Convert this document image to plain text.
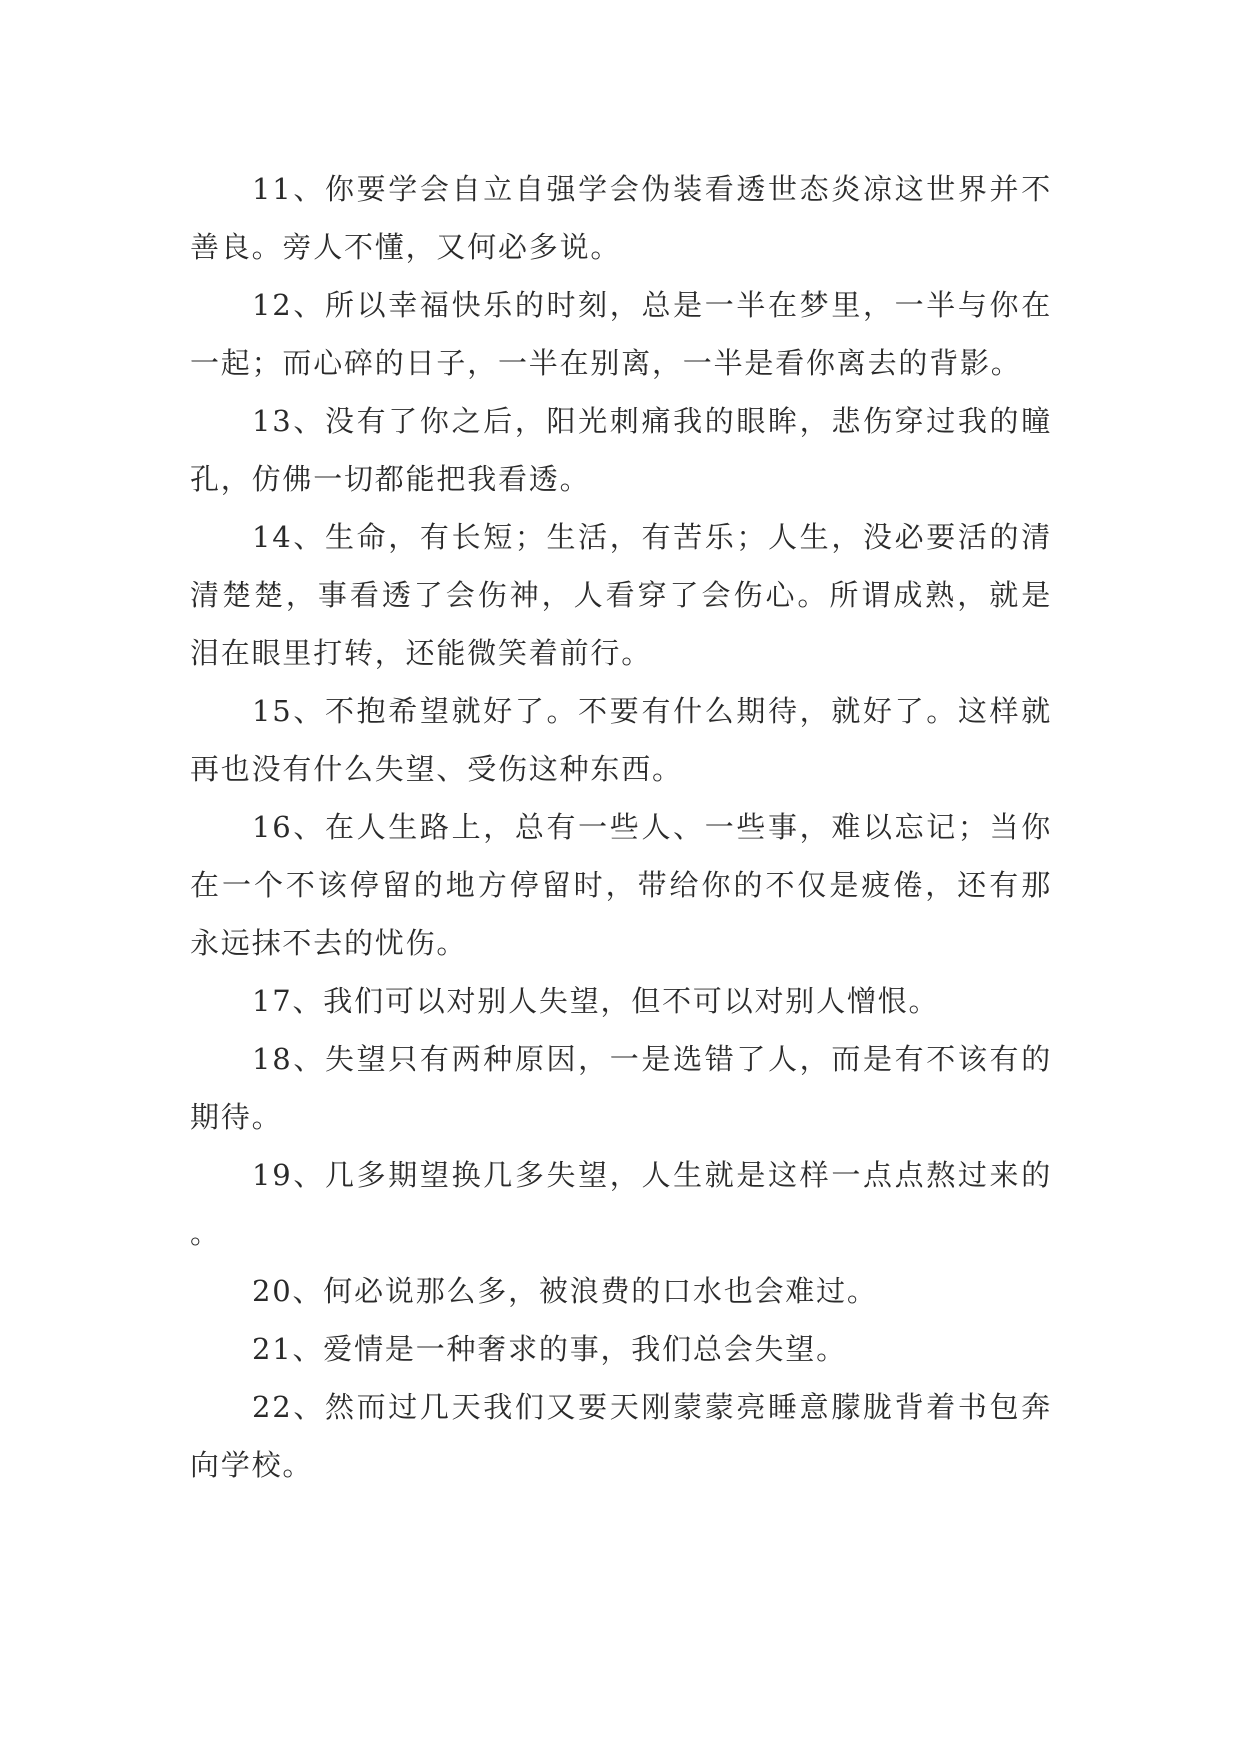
11、你要学会自立自强学会伪装看透世态炎凉这世界并不善良。旁人不懂，又何必多说。

12、所以幸福快乐的时刻，总是一半在梦里，一半与你在一起；而心碎的日子，一半在别离，一半是看你离去的背影。

13、没有了你之后，阳光刺痛我的眼眸，悲伤穿过我的瞳孔，仿佛一切都能把我看透。

14、生命，有长短；生活，有苦乐；人生，没必要活的清清楚楚，事看透了会伤神，人看穿了会伤心。所谓成熟，就是泪在眼里打转，还能微笑着前行。

15、不抱希望就好了。不要有什么期待，就好了。这样就再也没有什么失望、受伤这种东西。

16、在人生路上，总有一些人、一些事，难以忘记；当你在一个不该停留的地方停留时，带给你的不仅是疲倦，还有那永远抹不去的忧伤。

17、我们可以对别人失望，但不可以对别人憎恨。

18、失望只有两种原因，一是选错了人，而是有不该有的期待。

19、几多期望换几多失望，人生就是这样一点点熬过来的。

20、何必说那么多，被浪费的口水也会难过。

21、爱情是一种奢求的事，我们总会失望。

22、然而过几天我们又要天刚蒙蒙亮睡意朦胧背着书包奔向学校。
